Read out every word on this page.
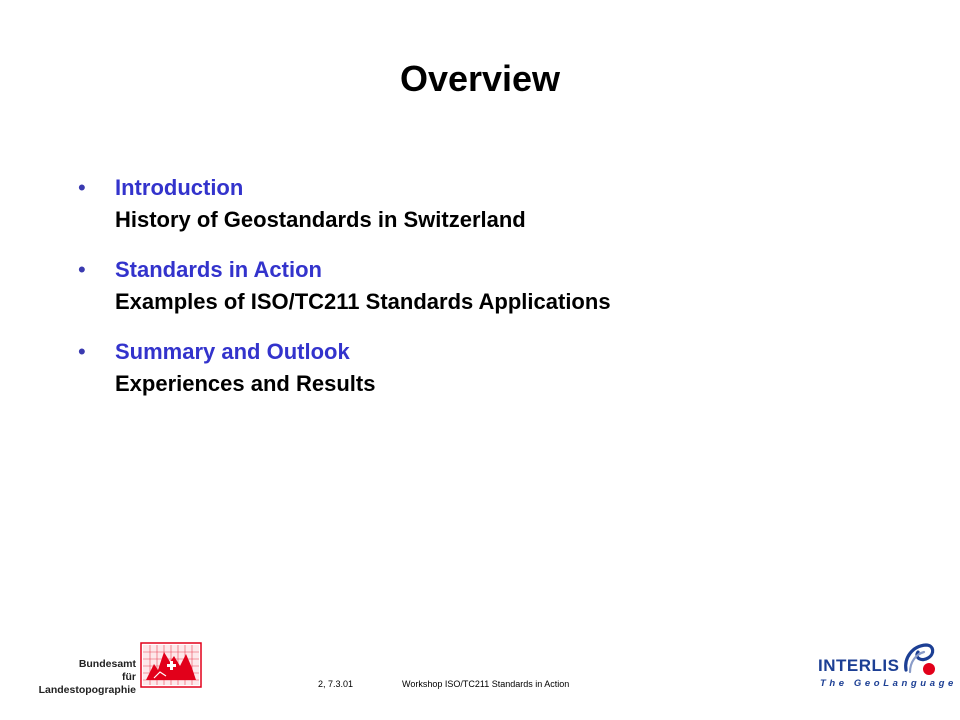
Overview
• Introduction
History of Geostandards in Switzerland
• Standards in Action
Examples of ISO/TC211 Standards Applications
• Summary and Outlook
Experiences and Results
Bundesamt
für Landestopographie	2, 7.3.01	Workshop ISO/TC211 Standards in Action
INTERLIS
The GeoLanguage
